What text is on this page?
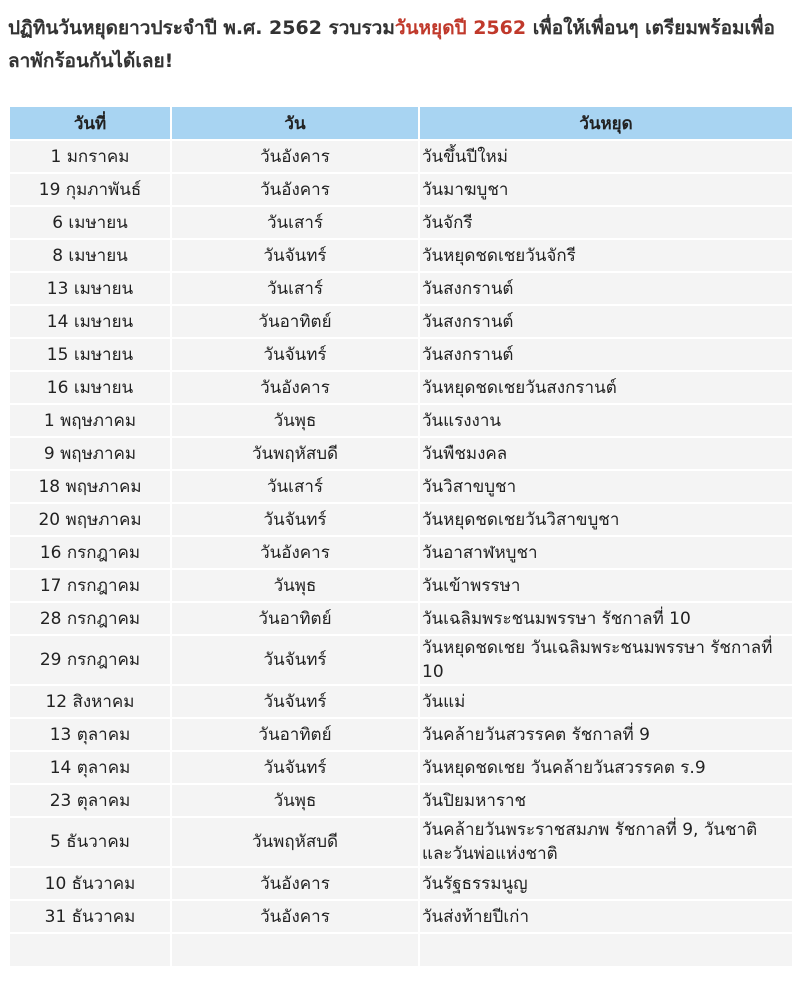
ปฏิทินวันหยุดยาวประจำปี พ.ศ. 2562 รวบรวมวันหยุดปี 2562 เพื่อให้เพื่อนๆ เตรียมพร้อมเพื่อลาพักร้อนกันได้เลย!
วันที่	วัน	วันหยุด
1 มกราคม	วันอังคาร	วันขึ้นปีใหม่
19 กุมภาพันธ์	วันอังคาร	วันมาฆบูชา
6 เมษายน	วันเสาร์	วันจักรี
8 เมษายน	วันจันทร์	วันหยุดชดเชยวันจักรี
13 เมษายน	วันเสาร์	วันสงกรานต์
14 เมษายน	วันอาทิตย์	วันสงกรานต์
15 เมษายน	วันจันทร์	วันสงกรานต์
16 เมษายน	วันอังคาร	วันหยุดชดเชยวันสงกรานต์
1 พฤษภาคม	วันพุธ	วันแรงงาน
9 พฤษภาคม	วันพฤหัสบดี	วันพืชมงคล
18 พฤษภาคม	วันเสาร์	วันวิสาขบูชา
20 พฤษภาคม	วันจันทร์	วันหยุดชดเชยวันวิสาขบูชา
16 กรกฎาคม	วันอังคาร	วันอาสาฬหบูชา
17 กรกฎาคม	วันพุธ	วันเข้าพรรษา
28 กรกฎาคม	วันอาทิตย์	วันเฉลิมพระชนมพรรษา รัชกาลที่ 10
29 กรกฎาคม	วันจันทร์	วันหยุดชดเชย วันเฉลิมพระชนมพรรษา รัชกาลที่ 10
12 สิงหาคม	วันจันทร์	วันแม่
13 ตุลาคม	วันอาทิตย์	วันคล้ายวันสวรรคต รัชกาลที่ 9
14 ตุลาคม	วันจันทร์	วันหยุดชดเชย วันคล้ายวันสวรรคต ร.9
23 ตุลาคม	วันพุธ	วันปิยมหาราช
5 ธันวาคม	วันพฤหัสบดี	วันคล้ายวันพระราชสมภพ รัชกาลที่ 9, วันชาติ และวันพ่อแห่งชาติ
10 ธันวาคม	วันอังคาร	วันรัฐธรรมนูญ
31 ธันวาคม	วันอังคาร	วันส่งท้ายปีเก่า
